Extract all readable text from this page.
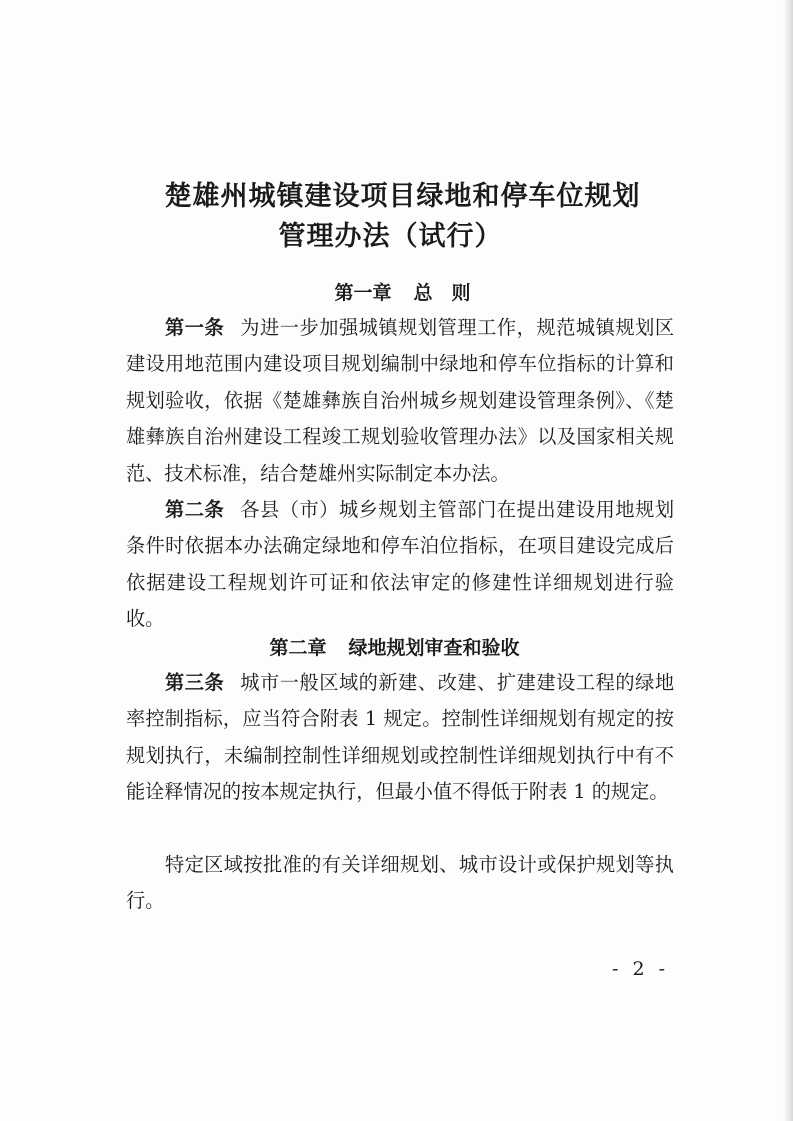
楚雄州城镇建设项目绿地和停车位规划
管理办法（试行）
第一章 总　则

第一条 为进一步加强城镇规划管理工作，规范城镇规划区建设用地范围内建设项目规划编制中绿地和停车位指标的计算和规划验收，依据《楚雄彝族自治州城乡规划建设管理条例》、《楚雄彝族自治州建设工程竣工规划验收管理办法》以及国家相关规范、技术标准，结合楚雄州实际制定本办法。

第二条 各县（市）城乡规划主管部门在提出建设用地规划条件时依据本办法确定绿地和停车泊位指标，在项目建设完成后依据建设工程规划许可证和依法审定的修建性详细规划进行验收。

第二章 绿地规划审查和验收

第三条 城市一般区域的新建、改建、扩建建设工程的绿地率控制指标，应当符合附表 1 规定。控制性详细规划有规定的按规划执行，未编制控制性详细规划或控制性详细规划执行中有不能诠释情况的按本规定执行，但最小值不得低于附表 1 的规定。

特定区域按批准的有关详细规划、城市设计或保护规划等执行。

- 2 -
